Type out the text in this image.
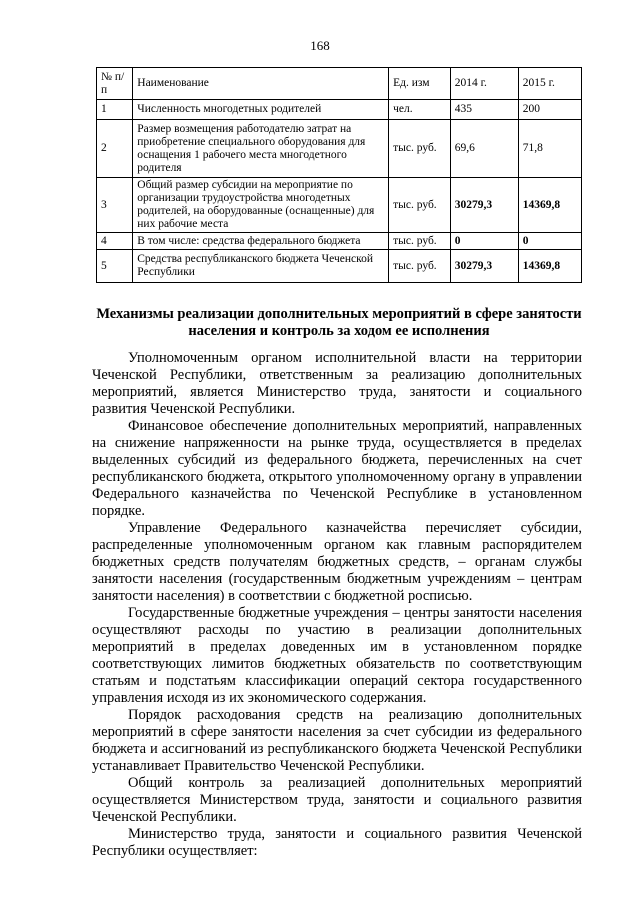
168
№ п/п	Наименование	Ед. изм	2014 г.	2015 г.
1	Численность многодетных родителей	чел.	435	200
2	Размер возмещения работодателю затрат на приобретение специального оборудования для оснащения 1 рабочего места многодетного родителя	тыс. руб.	69,6	71,8
3	Общий размер субсидии на мероприятие по организации трудоустройства многодетных родителей, на оборудованные (оснащенные) для них рабочие места	тыс. руб.	30279,3	14369,8
4	В том числе: средства федерального бюджета	тыс. руб.	0	0
5	Средства республиканского бюджета Чеченской Республики	тыс. руб.	30279,3	14369,8
Механизмы реализации дополнительных мероприятий в сфере занятости населения и контроль за ходом ее исполнения

Уполномоченным органом исполнительной власти на территории Чеченской Республики, ответственным за реализацию дополнительных мероприятий, является Министерство труда, занятости и социального развития Чеченской Республики.

Финансовое обеспечение дополнительных мероприятий, направленных на снижение напряженности на рынке труда, осуществляется в пределах выделенных субсидий из федерального бюджета, перечисленных на счет республиканского бюджета, открытого уполномоченному органу в управлении Федерального казначейства по Чеченской Республике в установленном порядке.

Управление Федерального казначейства перечисляет субсидии, распределенные уполномоченным органом как главным распорядителем бюджетных средств получателям бюджетных средств, – органам службы занятости населения (государственным бюджетным учреждениям – центрам занятости населения) в соответствии с бюджетной росписью.

Государственные бюджетные учреждения – центры занятости населения осуществляют расходы по участию в реализации дополнительных мероприятий в пределах доведенных им в установленном порядке соответствующих лимитов бюджетных обязательств по соответствующим статьям и подстатьям классификации операций сектора государственного управления исходя из их экономического содержания.

Порядок расходования средств на реализацию дополнительных мероприятий в сфере занятости населения за счет субсидии из федерального бюджета и ассигнований из республиканского бюджета Чеченской Республики устанавливает Правительство Чеченской Республики.

Общий контроль за реализацией дополнительных мероприятий осуществляется Министерством труда, занятости и социального развития Чеченской Республики.

Министерство труда, занятости и социального развития Чеченской Республики осуществляет:
